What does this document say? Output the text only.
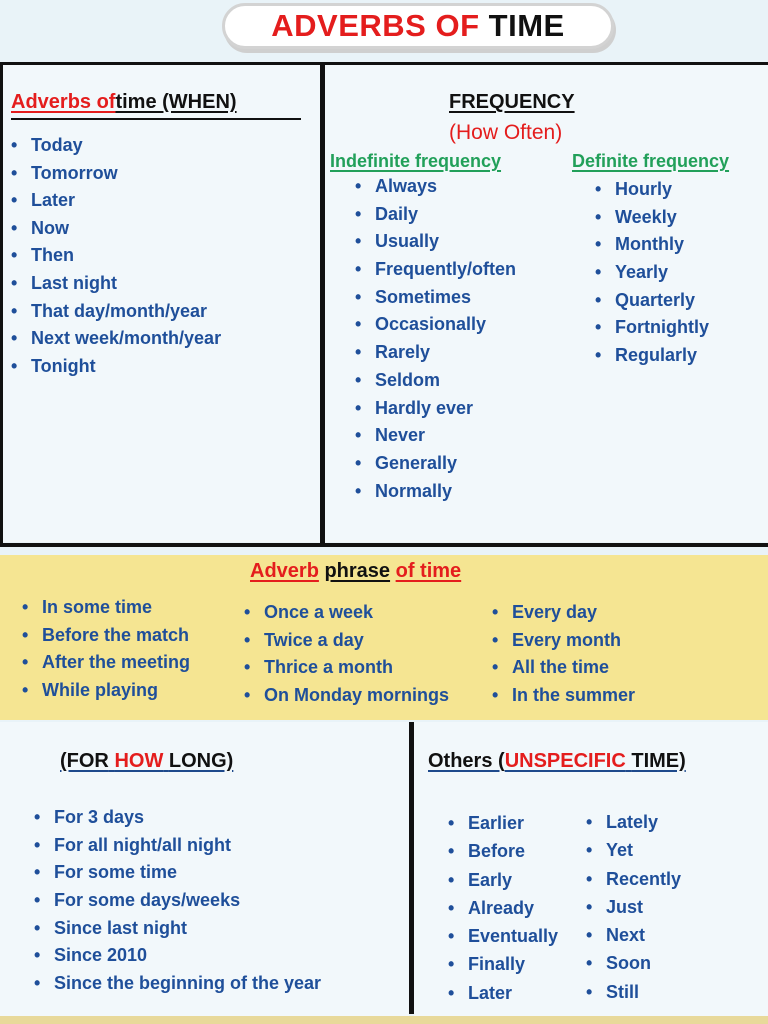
ADVERBS OF
TIME
Adverbs oftime (WHEN)
• Today
• Tomorrow
• Later
• Now
• Then
• Last night
• That day/month/year
• Next week/month/year
• Tonight
FREQUENCY
(How Often)
Indefinite frequency	Definite frequency
• Always
• Daily
• Usually
• Frequently/often
• Sometimes
• Occasionally
• Rarely
• Seldom
• Hardly ever
• Never
• Generally
• Normally
• Hourly
• Weekly
• Monthly
• Yearly
• Quarterly
• Fortnightly
• Regularly
Adverb phrase of time
• In some time
• Before the match
• After the meeting
• While playing
• Once a week
• Twice a day
• Thrice a month
• On Monday mornings
• Every day
• Every month
• All the time
• In the summer
(FOR HOW LONG)
• For 3 days
• For all night/all night
• For some time
• For some days/weeks
• Since last night
• Since 2010
• Since the beginning of the year
Others (UNSPECIFIC TIME)
• Earlier
• Before
• Early
• Already
• Eventually
• Finally
• Later
• Lately
• Yet
• Recently
• Just
• Next
• Soon
• Still
